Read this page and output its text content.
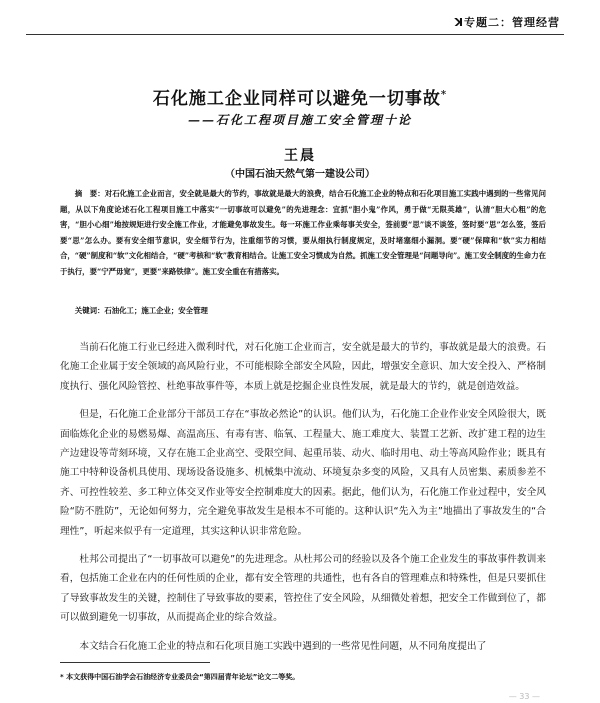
ꓘ专题二：管理经营
石化施工企业同样可以避免一切事故*
——石化工程项目施工安全管理十论
王晨
（中国石油天然气第一建设公司）
摘　要：对石化施工企业而言，安全就是最大的节约，事故就是最大的浪费，结合石化施工企业的特点和石化项目施工实践中遇到的一些常见问题，从以下角度论述石化工程项目施工中落实“一切事故可以避免”的先进理念：宜抓“胆小鬼”作风，勇于做“无限英雄”，认清“胆大心粗”的危害，“胆小心细”地按规矩进行安全施工作业，才能避免事故发生。每一环施工作业乘每事关安全，签前要“思”谈不谈签，签时要“思”怎么签，签后要“思”怎么办。要有安全细节意识，安全细节行为，注重细节的习惯，要从细执行制度规定，及时堵塞细小漏洞。要“硬”保障和“软”实力相结合，“硬”制度和“软”文化相结合，“硬”考核和“软”教育相结合。让施工安全习惯成为自然。抓施工安全管理是“问题导向”。施工安全制度的生命力在于执行，要“宁严毋宽”，更要“来路铁律”。施工安全重在有措落实。
关键词：石油化工；施工企业；安全管理

当前石化施工行业已经进入微利时代，对石化施工企业而言，安全就是最大的节约，事故就是最大的浪费。石化施工企业属于安全领域的高风险行业，不可能根除全部安全风险，因此，增强安全意识、加大安全投入、严格制度执行、强化风险管控、杜绝事故事件等，本质上就是挖掘企业良性发展，就是最大的节约，就是创造效益。

但是，石化施工企业部分干部员工存在“事故必然论”的认识。他们认为，石化施工企业作业安全风险很大，既面临炼化企业的易燃易爆、高温高压、有毒有害、临氧、工程量大、施工难度大、装置工艺新、改扩建工程的边生产边建设等苛刻环境，又存在施工企业高空、受限空间、起重吊装、动火、临时用电、动土等高风险作业；既具有施工中特种设备机具使用、现场设备设施多、机械集中流动、环境复杂多变的风险，又具有人员密集、素质参差不齐、可控性较差、多工种立体交叉作业等安全控制难度大的因素。据此，他们认为，石化施工作业过程中，安全风险“防不胜防”，无论如何努力，完全避免事故发生是根本不可能的。这种认识“先入为主”地描出了事故发生的“合理性”，听起来似乎有一定道理，其实这种认识非常危险。

杜邦公司提出了“一切事故可以避免”的先进理念。从杜邦公司的经验以及各个施工企业发生的事故事件教训来看，包括施工企业在内的任何性质的企业，都有安全管理的共通性，也有各自的管理难点和特殊性，但是只要抓住了导致事故发生的关键，控制住了导致事故的要素，管控住了安全风险，从细微处着想，把安全工作做到位了，都可以做到避免一切事故，从而提高企业的综合效益。

本文结合石化施工企业的特点和石化项目施工实践中遇到的一些常见性问题，从不同角度提出了

* 本文获得中国石油学会石油经济专业委员会“第四届青年论坛”论文二等奖。
— 33 —
